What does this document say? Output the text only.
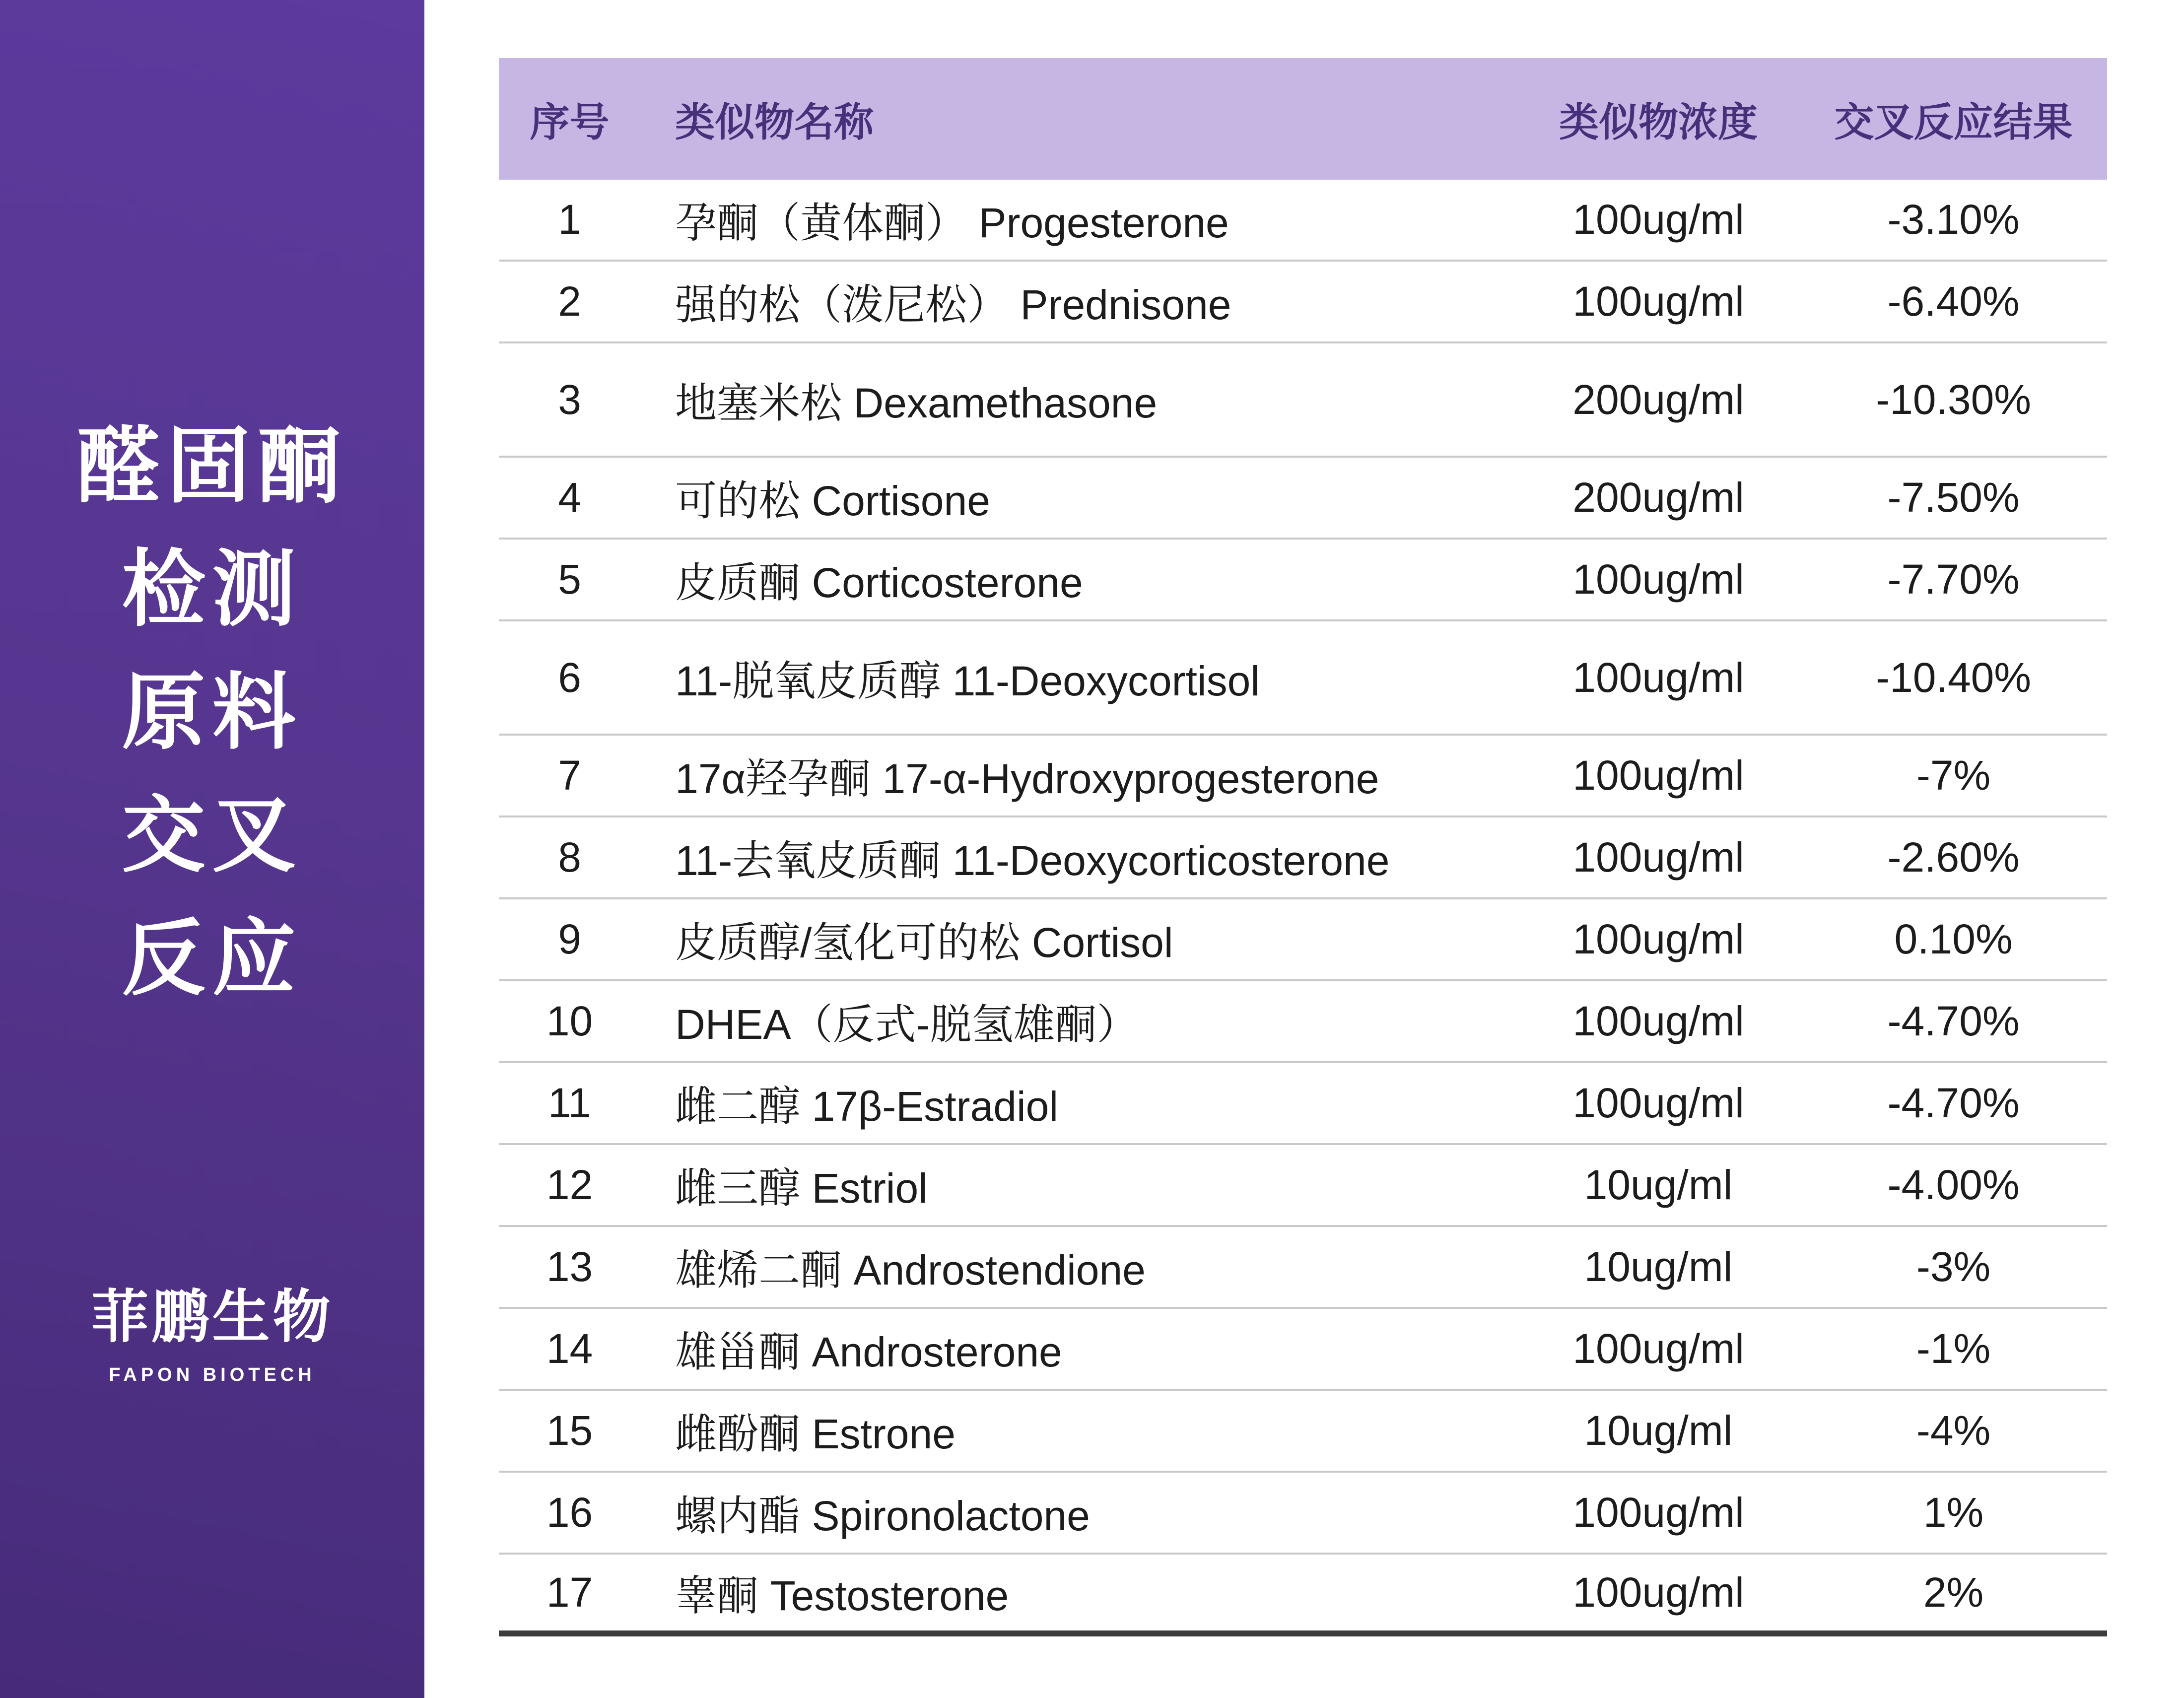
醛固酮
检测
原料
交叉
反应
菲鹏生物
FAPON BIOTECH
序号	类似物名称	类似物浓度	交叉反应结果
1	孕酮（黄体酮） Progesterone	100ug/ml	-3.10%
2	强的松（泼尼松） Prednisone	100ug/ml	-6.40%
3	地塞米松 Dexamethasone	200ug/ml	-10.30%
4	可的松 Cortisone	200ug/ml	-7.50%
5	皮质酮 Corticosterone	100ug/ml	-7.70%
6	11-脱氧皮质醇 11-Deoxycortisol	100ug/ml	-10.40%
7	17α羟孕酮 17-α-Hydroxyprogesterone	100ug/ml	-7%
8	11-去氧皮质酮 11-Deoxycorticosterone	100ug/ml	-2.60%
9	皮质醇/氢化可的松 Cortisol	100ug/ml	0.10%
10	DHEA（反式-脱氢雄酮）	100ug/ml	-4.70%
11	雌二醇 17β-Estradiol	100ug/ml	-4.70%
12	雌三醇 Estriol	10ug/ml	-4.00%
13	雄烯二酮 Androstendione	10ug/ml	-3%
14	雄甾酮 Androsterone	100ug/ml	-1%
15	雌酚酮 Estrone	10ug/ml	-4%
16	螺内酯 Spironolactone	100ug/ml	1%
17	睾酮 Testosterone	100ug/ml	2%
